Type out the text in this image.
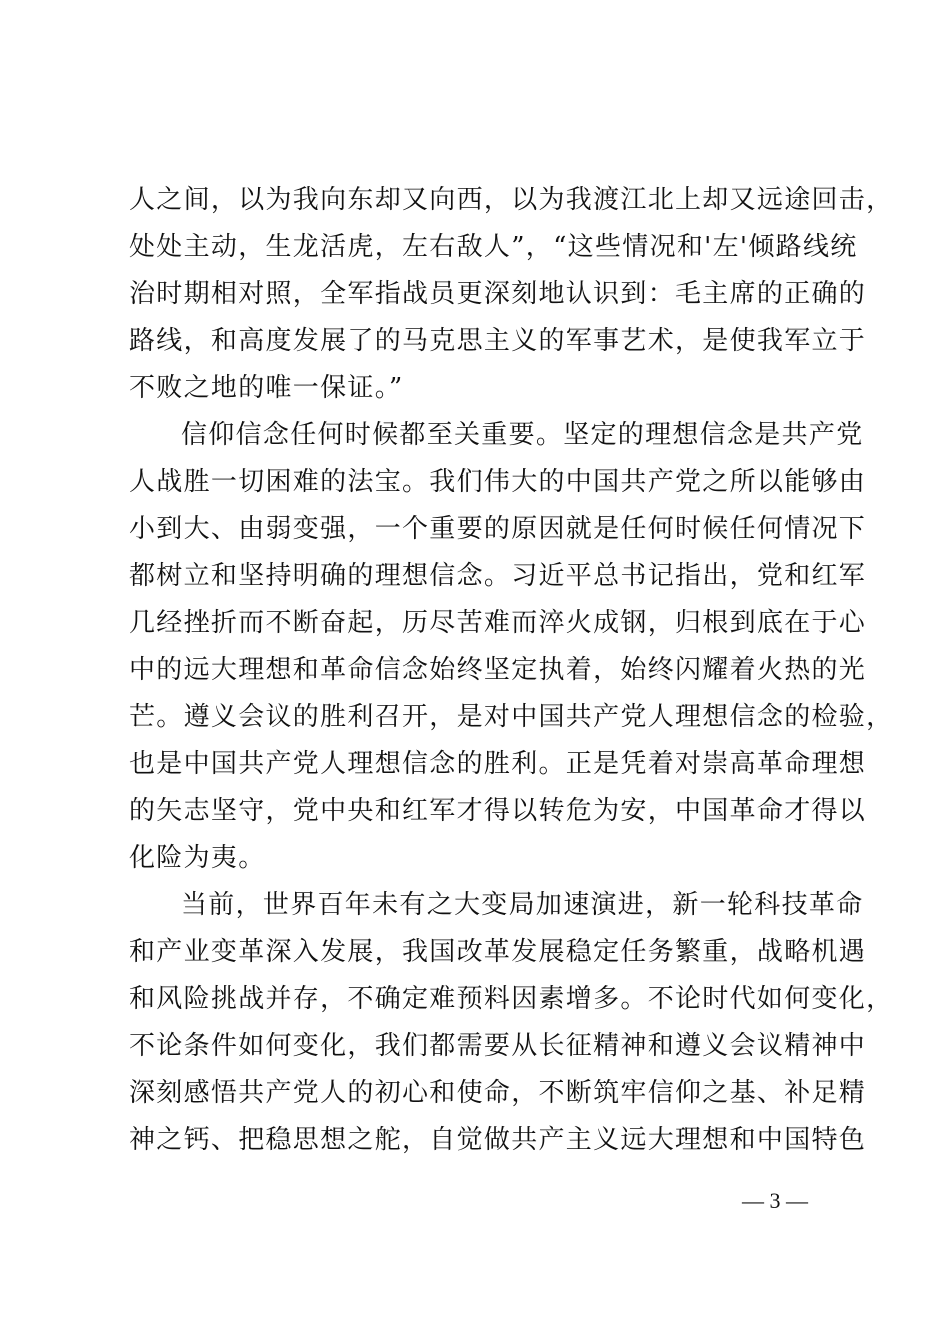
人之间，以为我向东却又向西，以为我渡江北上却又远途回击，
处处主动，生龙活虎，左右敌人”，“这些情况和'左'倾路线统
治时期相对照，全军指战员更深刻地认识到：毛主席的正确的
路线，和高度发展了的马克思主义的军事艺术，是使我军立于
不败之地的唯一保证。”
信仰信念任何时候都至关重要。坚定的理想信念是共产党
人战胜一切困难的法宝。我们伟大的中国共产党之所以能够由
小到大、由弱变强，一个重要的原因就是任何时候任何情况下
都树立和坚持明确的理想信念。习近平总书记指出，党和红军
几经挫折而不断奋起，历尽苦难而淬火成钢，归根到底在于心
中的远大理想和革命信念始终坚定执着，始终闪耀着火热的光
芒。遵义会议的胜利召开，是对中国共产党人理想信念的检验，
也是中国共产党人理想信念的胜利。正是凭着对崇高革命理想
的矢志坚守，党中央和红军才得以转危为安，中国革命才得以
化险为夷。
当前，世界百年未有之大变局加速演进，新一轮科技革命
和产业变革深入发展，我国改革发展稳定任务繁重，战略机遇
和风险挑战并存，不确定难预料因素增多。不论时代如何变化，
不论条件如何变化，我们都需要从长征精神和遵义会议精神中
深刻感悟共产党人的初心和使命，不断筑牢信仰之基、补足精
神之钙、把稳思想之舵，自觉做共产主义远大理想和中国特色
— 3 —
